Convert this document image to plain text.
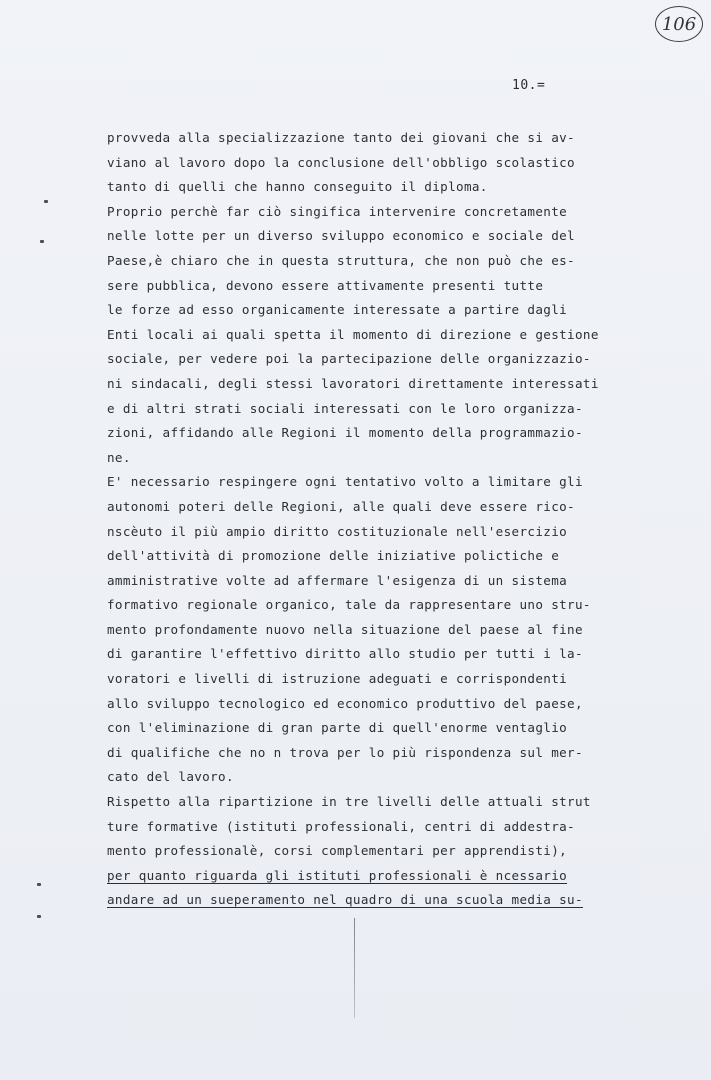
106
10.=
provveda alla specializzazione tanto dei giovani che si av-
viano al lavoro dopo la conclusione dell'obbligo scolastico
tanto di quelli che hanno conseguito il diploma.
Proprio perchè far ciò singifica intervenire concretamente
nelle lotte per un diverso sviluppo economico e sociale del
Paese,è chiaro che in questa struttura, che non può che es-
sere pubblica, devono essere attivamente presenti tutte
le forze ad esso organicamente interessate a partire dagli
Enti locali ai quali spetta il momento di direzione e gestione
sociale, per vedere poi la partecipazione delle organizzazio-
ni sindacali, degli stessi lavoratori direttamente interessati
e di altri strati sociali interessati con le loro organizza-
zioni, affidando alle Regioni il momento della programmazio-
ne.
E' necessario respingere ogni tentativo volto a limitare gli
autonomi poteri delle Regioni, alle quali deve essere rico-
nscèuto il più ampio diritto costituzionale nell'esercizio
dell'attività di promozione delle iniziative polictiche e
amministrative volte ad affermare l'esigenza di un sistema
formativo regionale organico, tale da rappresentare uno stru-
mento profondamente nuovo nella situazione del paese al fine
di garantire l'effettivo diritto allo studio per tutti i la-
voratori e livelli di istruzione adeguati e corrispondenti
allo sviluppo tecnologico ed economico produttivo del paese,
con l'eliminazione di gran parte di quell'enorme ventaglio
di qualifiche che no n trova per lo più rispondenza sul mer-
cato del lavoro.
Rispetto alla ripartizione in tre livelli delle attuali strut
ture formative (istituti professionali, centri di addestra-
mento professionalè, corsi complementari per apprendisti),
per quanto riguarda gli istituti professionali è ncessario
andare ad un sueperamento nel quadro di una scuola media su-
